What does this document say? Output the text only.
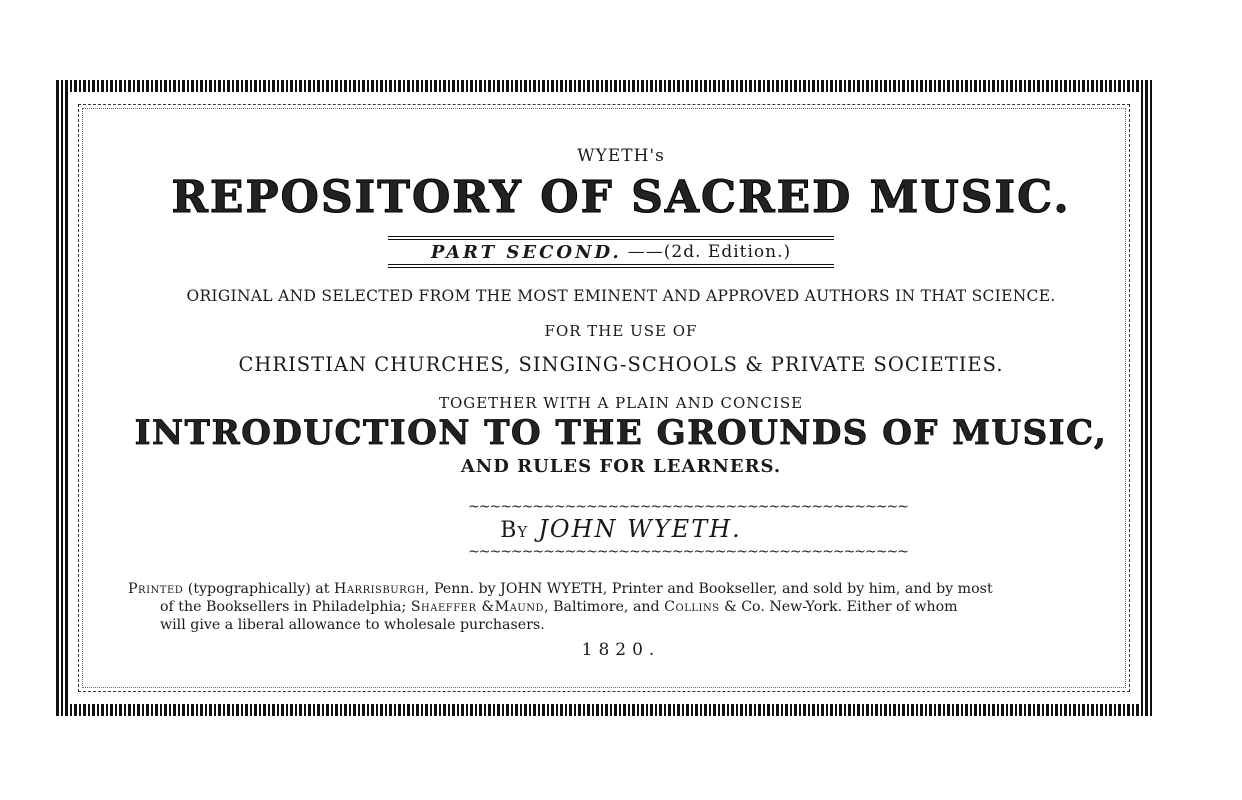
WYETH's
REPOSITORY OF SACRED MUSIC.
PART SECOND. ——(2d. Edition.)
ORIGINAL AND SELECTED FROM THE MOST EMINENT AND APPROVED AUTHORS IN THAT SCIENCE.
FOR THE USE OF
CHRISTIAN CHURCHES, SINGING-SCHOOLS & PRIVATE SOCIETIES.
TOGETHER WITH A PLAIN AND CONCISE
INTRODUCTION TO THE GROUNDS OF MUSIC,
AND RULES FOR LEARNERS.
~~~~~~~~~~~~~~~~~~~~~~~~~~~~~~~~~~~~~~~~~
By JOHN WYETH.
~~~~~~~~~~~~~~~~~~~~~~~~~~~~~~~~~~~~~~~~~

Printed (typographically) at Harrisburgh, Penn. by JOHN WYETH, Printer and Bookseller, and sold by him, and by most

of the Booksellers in Philadelphia; Shaeffer &Maund, Baltimore, and Collins & Co. New-York. Either of whom

will give a liberal allowance to wholesale purchasers.

1820.
